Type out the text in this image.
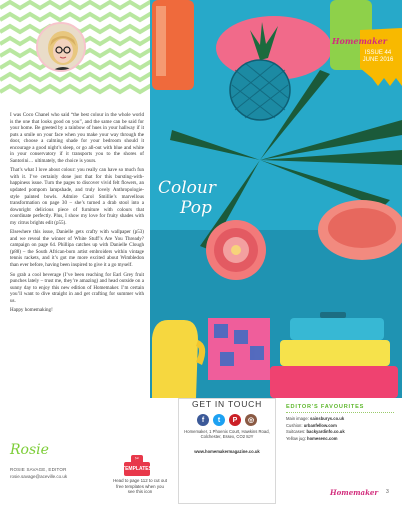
I was Coco Chanel who said “the best colour in the whole world is the one that looks good on you”, and the same can be said for your home. Be greeted by a rainbow of hues in your hallway if it puts a smile on your face when you make your way through the door, choose a calming shade for your bedroom should it encourage a good night’s sleep, or go all-out with blue and white in your conservatory if it transports you to the shores of Santorini… ultimately, the choice is yours.

That’s what I love about colour: you really can have so much fun with it. I’ve certainly done just that for this bursting-with-happiness issue. Turn the pages to discover vivid felt flowers, an updated pompom lampshade, and truly lovely Anthropologie-style painted bowls. Admire Carol Smillie’s marvellous transformation on page 30 – she’s turned a drab stool into a downright delicious piece of furniture with colours that coordinate perfectly. Plus, I show my love for fruity shades with my citrus brights edit (p55).

Elsewhere this issue, Danielle gets crafty with wallpaper (p53) and we reveal the winner of White Stuff’s Are You Thready? campaign on page 64. Phillipa catches up with Danielle Clough (p88) – the South African-born artist embroiders within vintage tennis rackets, and it’s got me more excited about Wimbledon than ever before, having been inspired to give it a go myself.

So grab a cool beverage (I’ve been reaching for Earl Grey fruit punches lately – trust me, they’re amazing) and head outside on a sunny day to enjoy this new edition of Homemaker. I’m certain you’ll want to dive straight in and get crafting for summer with us.

Happy homemaking!

Rosie
ROSIE SAVAGE, EDITOR
rosie.savage@aceville.co.uk
✂
TEMPLATES
Head to page 112 to cut out free templates when you see this icon
Homemaker
ISSUE 44 JUNE 2016
Colour
Pop
GET IN TOUCH
f	t	P	◎
Homemaker, 1 Phoenix Court, Hawkins Road, Colchester, Essex, CO2 8JY
www.homemakermagazine.co.uk
EDITOR'S FAVOURITES
Main image: sainsburys.co.uk
Cushion: urbanfellow.com
Suitcases: backyardinfo.co.uk
Yellow jug: homesenc.com
Homemaker 3
